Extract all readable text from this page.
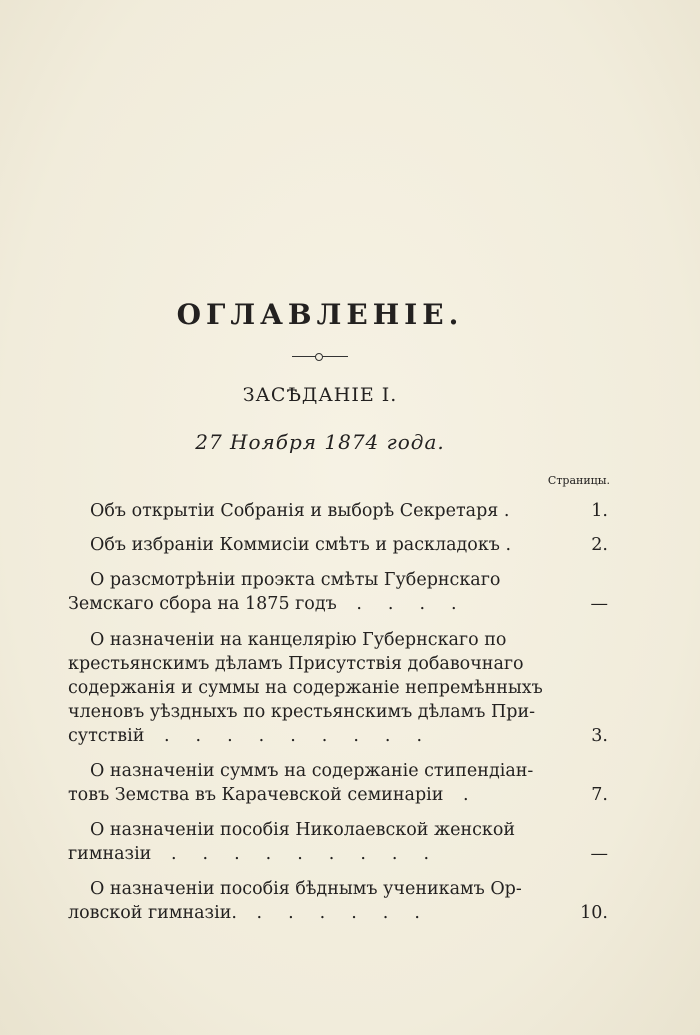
ОГЛАВЛЕНІЕ.
ЗАСѢДАНІЕ I.
27 Ноября 1874 года.
Страницы.
Объ открытіи Собранія и выборѣ Секретаря .	1.
Объ избраніи Коммисіи смѣтъ и раскладокъ .	2.
О разсмотрѣніи проэкта смѣты Губернскаго
Земскаго сбора на 1875 годъ ....	—
О назначеніи на канцелярію Губернскаго по
крестьянскимъ дѣламъ Присутствія добавочнаго
содержанія и суммы на содержаніе непремѣнныхъ
членовъ уѣздныхъ по крестьянскимъ дѣламъ При-
сутствій .........	3.
О назначеніи суммъ на содержаніе стипендіан-
товъ Земства въ Карачевской семинаріи .	7.
О назначеніи пособія Николаевской женской
гимназіи .........	—
О назначеніи пособія бѣднымъ ученикамъ Ор-
ловской гимназіи. ......	10.
